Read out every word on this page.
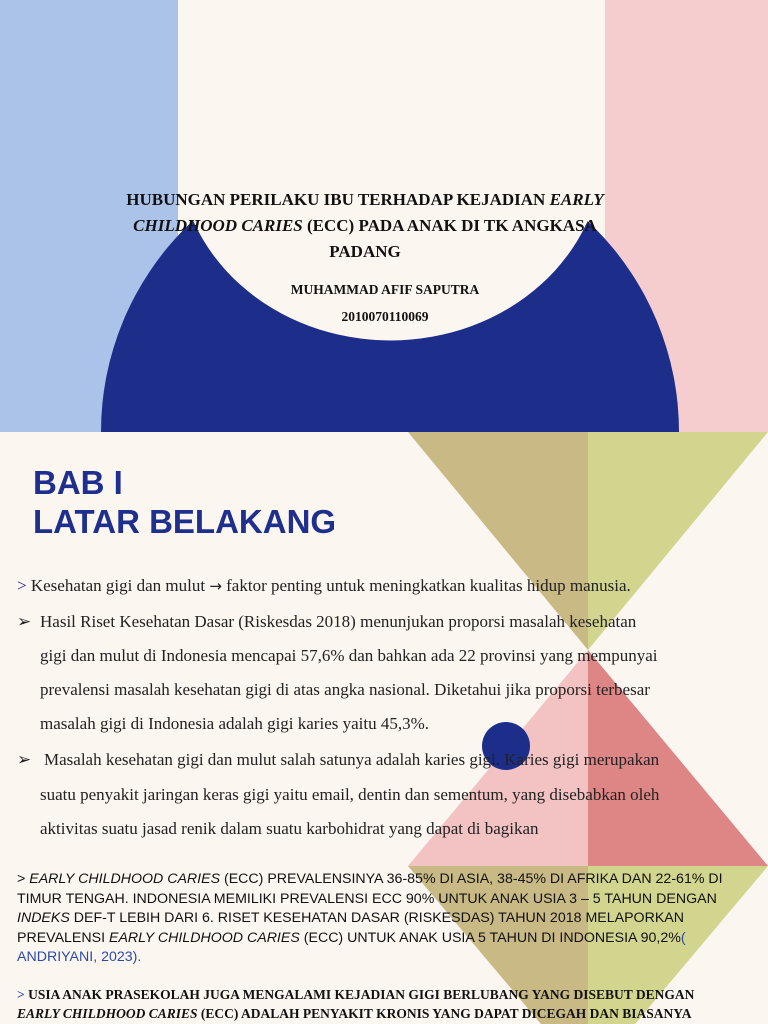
HUBUNGAN PERILAKU IBU TERHADAP KEJADIAN EARLY
CHILDHOOD CARIES (ECC) PADA ANAK DI TK ANGKASA
PADANG
MUHAMMAD AFIF SAPUTRA
2010070110069
BAB I
LATAR BELAKANG
> Kesehatan gigi dan mulut → faktor penting untuk meningkatkan kualitas hidup manusia.
➢ Hasil Riset Kesehatan Dasar (Riskesdas 2018) menunjukan proporsi masalah kesehatan
gigi dan mulut di Indonesia mencapai 57,6% dan bahkan ada 22 provinsi yang mempunyai
prevalensi masalah kesehatan gigi di atas angka nasional. Diketahui jika proporsi terbesar
masalah gigi di Indonesia adalah gigi karies yaitu 45,3%.
➢ Masalah kesehatan gigi dan mulut salah satunya adalah karies gigi. Karies gigi merupakan
suatu penyakit jaringan keras gigi yaitu email, dentin dan sementum, yang disebabkan oleh
aktivitas suatu jasad renik dalam suatu karbohidrat yang dapat di bagikan
> EARLY CHILDHOOD CARIES (ECC) PREVALENSINYA 36-85% DI ASIA, 38-45% DI AFRIKA DAN 22-61% DI TIMUR TENGAH. INDONESIA MEMILIKI PREVALENSI ECC 90% UNTUK ANAK USIA 3 – 5 TAHUN DENGAN INDEKS DEF-T LEBIH DARI 6. RISET KESEHATAN DASAR (RISKESDAS) TAHUN 2018 MELAPORKAN PREVALENSI EARLY CHILDHOOD CARIES (ECC) UNTUK ANAK USIA 5 TAHUN DI INDONESIA 90,2%( ANDRIYANI, 2023).
> USIA ANAK PRASEKOLAH JUGA MENGALAMI KEJADIAN GIGI BERLUBANG YANG DISEBUT DENGAN
EARLY CHILDHOOD CARIES (ECC) ADALAH PENYAKIT KRONIS YANG DAPAT DICEGAH DAN BIASANYA
